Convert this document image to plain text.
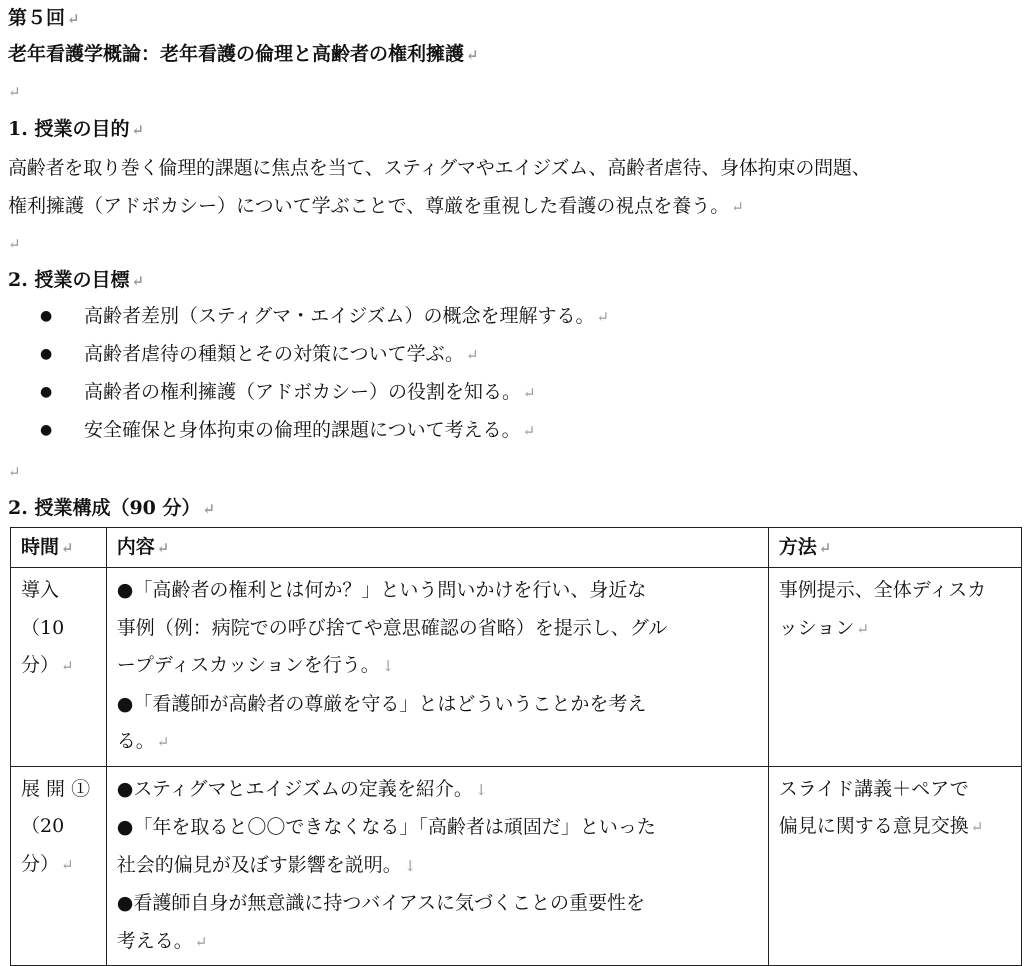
第５回 ↵
老年看護学概論：老年看護の倫理と高齢者の権利擁護 ↵
↵
1. 授業の目的 ↵
高齢者を取り巻く倫理的課題に焦点を当て、スティグマやエイジズム、高齢者虐待、身体拘束の問題、
権利擁護（アドボカシー）について学ぶことで、尊厳を重視した看護の視点を養う。 ↵
↵
2. 授業の目標 ↵
●	高齢者差別（スティグマ・エイジズム）の概念を理解する。 ↵
●	高齢者虐待の種類とその対策について学ぶ。 ↵
●	高齢者の権利擁護（アドボカシー）の役割を知る。 ↵
●	安全確保と身体拘束の倫理的課題について考える。 ↵
↵
2. 授業構成（90 分） ↵
時間 ↵	内容 ↵	方法 ↵

導入（10
分） ↵	●「高齢者の権利とは何か？」という問いかけを行い、身近な
事例（例：病院での呼び捨てや意思確認の省略）を提示し、グル
ープディスカッションを行う。 ↓
●「看護師が高齢者の尊厳を守る」とはどういうことかを考え
る。 ↵	事例提示、全体ディスカ
ッション ↵

展 開 ①
（20 分） ↵	●スティグマとエイジズムの定義を紹介。 ↓
●「年を取ると〇〇できなくなる」「高齢者は頑固だ」といった
社会的偏見が及ぼす影響を説明。 ↓
●看護師自身が無意識に持つバイアスに気づくことの重要性を
考える。 ↵	スライド講義＋ペアで
偏見に関する意見交換 ↵
